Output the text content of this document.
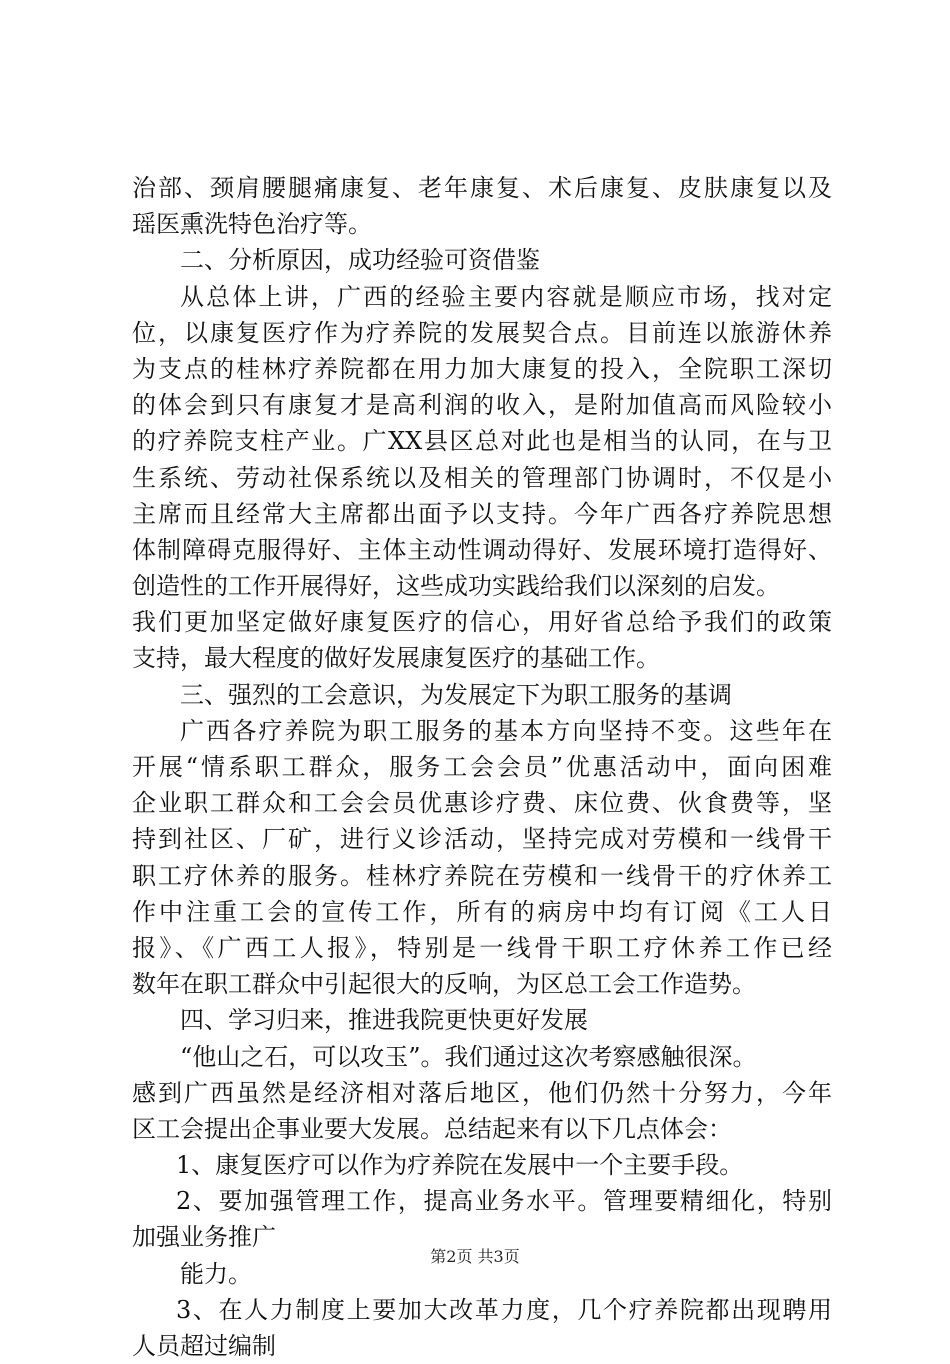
治部、颈肩腰腿痛康复、老年康复、术后康复、皮肤康复以及
瑶医熏洗特色治疗等。
二、分析原因，成功经验可资借鉴
从总体上讲，广西的经验主要内容就是顺应市场，找对定
位，以康复医疗作为疗养院的发展契合点。目前连以旅游休养
为支点的桂林疗养院都在用力加大康复的投入，全院职工深切
的体会到只有康复才是高利润的收入，是附加值高而风险较小
的疗养院支柱产业。广XX县区总对此也是相当的认同，在与卫
生系统、劳动社保系统以及相关的管理部门协调时，不仅是小
主席而且经常大主席都出面予以支持。今年广西各疗养院思想
体制障碍克服得好、主体主动性调动得好、发展环境打造得好、
创造性的工作开展得好，这些成功实践给我们以深刻的启发。
我们更加坚定做好康复医疗的信心，用好省总给予我们的政策
支持，最大程度的做好发展康复医疗的基础工作。
三、强烈的工会意识，为发展定下为职工服务的基调
广西各疗养院为职工服务的基本方向坚持不变。这些年在
开展“情系职工群众，服务工会会员”优惠活动中，面向困难
企业职工群众和工会会员优惠诊疗费、床位费、伙食费等，坚
持到社区、厂矿，进行义诊活动，坚持完成对劳模和一线骨干
职工疗休养的服务。桂林疗养院在劳模和一线骨干的疗休养工
作中注重工会的宣传工作，所有的病房中均有订阅《工人日
报》、《广西工人报》，特别是一线骨干职工疗休养工作已经
数年在职工群众中引起很大的反响，为区总工会工作造势。
四、学习归来，推进我院更快更好发展
“他山之石，可以攻玉”。我们通过这次考察感触很深。
感到广西虽然是经济相对落后地区，他们仍然十分努力，今年
区工会提出企事业要大发展。总结起来有以下几点体会：
1、康复医疗可以作为疗养院在发展中一个主要手段。
2、要加强管理工作，提高业务水平。管理要精细化，特别
加强业务推广
能力。
3、在人力制度上要加大改革力度，几个疗养院都出现聘用
人员超过编制
第2页 共3页
